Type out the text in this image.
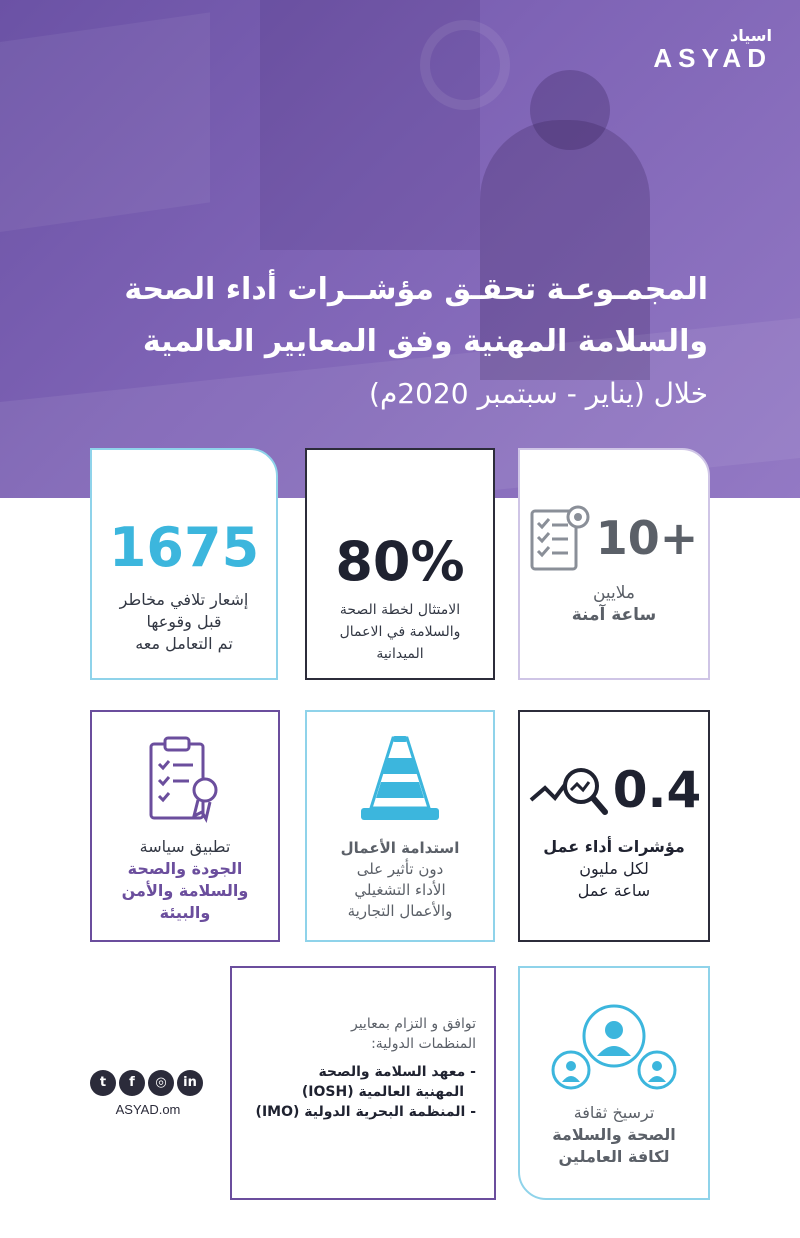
اسياد
ASYAD
المجمـوعـة تحقـق مؤشــرات أداء الصحة
والسلامة المهنية وفق المعايير العالمية
خلال (يناير - سبتمبر 2020م)
1675
إشعار تلافي مخاطر
قبل وقوعها
تم التعامل معه
80%
الامتثال لخطة الصحة
والسلامة في الاعمال
الميدانية
10+
ملايين
ساعة آمنة
تطبيق سياسة
الجودة والصحة
والسلامة والأمن
والبيئة
استدامة الأعمال
دون تأثير على
الأداء التشغيلي
والأعمال التجارية
0.4
مؤشرات أداء عمل
لكل مليون
ساعة عمل
توافق و التزام بمعايير
المنظمات الدولية:
- معهد السلامة والصحة
المهنية العالمية (IOSH)
- المنظمة البحرية الدولية (IMO)	ترسيخ ثقافة
الصحة والسلامة
لكافة العاملين
t f ◎ in
ASYAD.om
